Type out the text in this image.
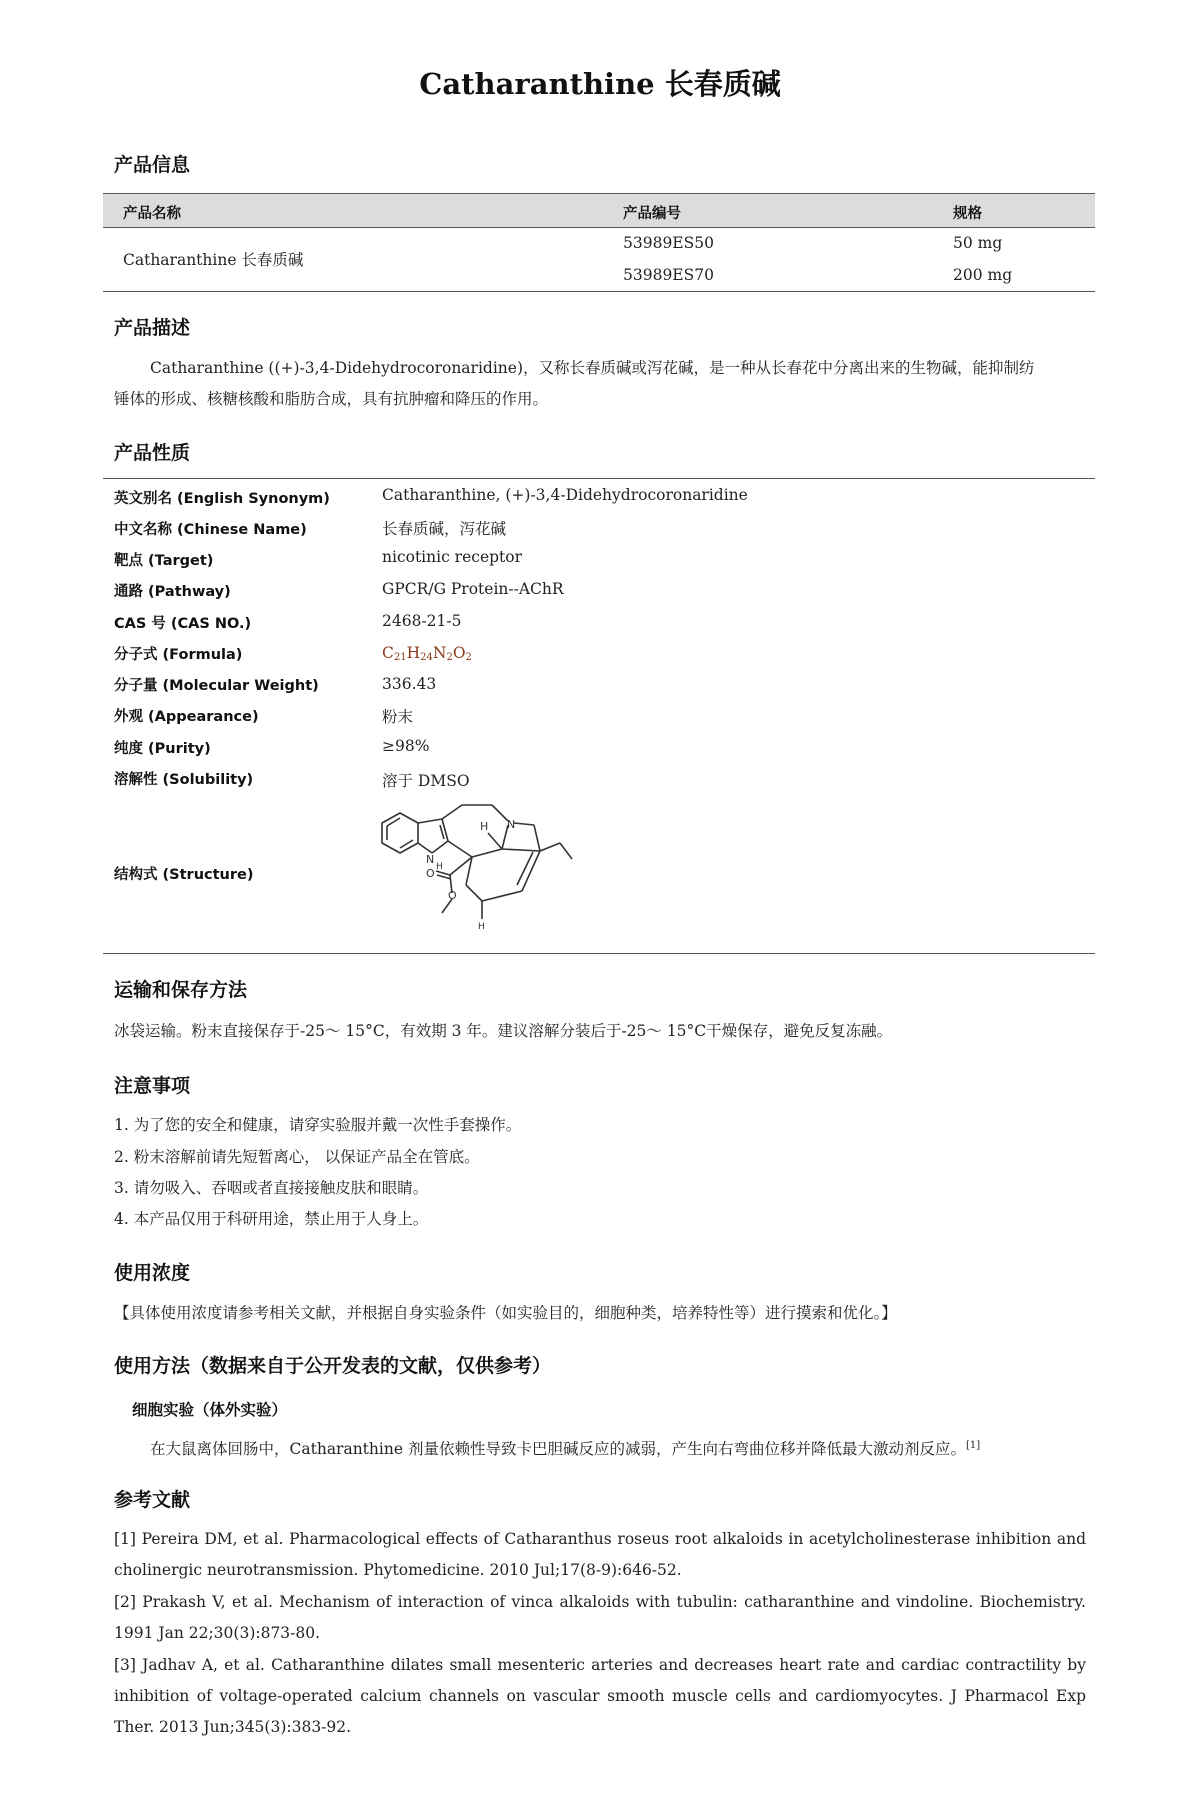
Catharanthine 长春质碱
产品信息
产品名称	产品编号	规格
Catharanthine 长春质碱
53989ES50	50 mg
53989ES70	200 mg
产品描述
Catharanthine ((+)-3,4-Didehydrocoronaridine)，又称长春质碱或泻花碱，是一种从长春花中分离出来的生物碱，能抑制纺
锤体的形成、核糖核酸和脂肪合成，具有抗肿瘤和降压的作用。
产品性质
英文别名 (English Synonym)	Catharanthine, (+)-3,4-Didehydrocoronaridine
中文名称 (Chinese Name)	长春质碱，泻花碱
靶点 (Target)	nicotinic receptor
通路 (Pathway)	GPCR/G Protein--AChR
CAS 号 (CAS NO.)	2468-21-5
分子式 (Formula)	$C_{21}H_{24}N_2O_2$
分子量 (Molecular Weight)	336.43
外观 (Appearance)	粉末
纯度 (Purity)	≥98%
溶解性 (Solubility)	溶于 DMSO
结构式 (Structure)
H N
N
H
O
O
H
运输和保存方法
冰袋运输。粉末直接保存于-25～ 15°C，有效期 3 年。建议溶解分装后于-25～ 15°C干燥保存，避免反复冻融。
注意事项
1. 为了您的安全和健康，请穿实验服并戴一次性手套操作。
2. 粉末溶解前请先短暂离心， 以保证产品全在管底。
3. 请勿吸入、吞咽或者直接接触皮肤和眼睛。
4. 本产品仅用于科研用途，禁止用于人身上。
使用浓度
【具体使用浓度请参考相关文献，并根据自身实验条件（如实验目的，细胞种类，培养特性等）进行摸索和优化。】
使用方法（数据来自于公开发表的文献，仅供参考）
细胞实验（体外实验）
在大鼠离体回肠中，Catharanthine 剂量依赖性导致卡巴胆碱反应的减弱，产生向右弯曲位移并降低最大激动剂反应。[1]
参考文献
[1] Pereira DM, et al. Pharmacological effects of Catharanthus roseus root alkaloids in acetylcholinesterase inhibition and cholinergic neurotransmission. Phytomedicine. 2010 Jul;17(8-9):646-52.
[2] Prakash V, et al. Mechanism of interaction of vinca alkaloids with tubulin: catharanthine and vindoline. Biochemistry. 1991 Jan 22;30(3):873-80.
[3] Jadhav A, et al. Catharanthine dilates small mesenteric arteries and decreases heart rate and cardiac contractility by inhibition of voltage-operated calcium channels on vascular smooth muscle cells and cardiomyocytes. J Pharmacol Exp Ther. 2013 Jun;345(3):383-92.
